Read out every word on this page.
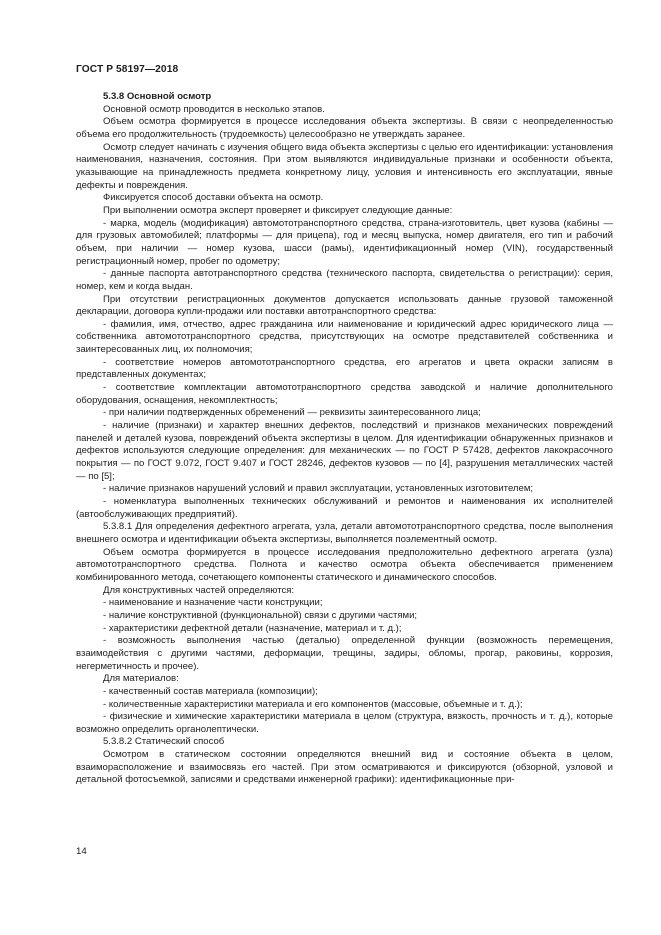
ГОСТ Р 58197—2018

5.3.8 Основной осмотр

Основной осмотр проводится в несколько этапов.

Объем осмотра формируется в процессе исследования объекта экспертизы. В связи с неопределенностью объема его продолжительность (трудоемкость) целесообразно не утверждать заранее.

Осмотр следует начинать с изучения общего вида объекта экспертизы с целью его идентификации: установления наименования, назначения, состояния. При этом выявляются индивидуальные признаки и особенности объекта, указывающие на принадлежность предмета конкретному лицу, условия и интенсивность его эксплуатации, явные дефекты и повреждения.

Фиксируется способ доставки объекта на осмотр.

При выполнении осмотра эксперт проверяет и фиксирует следующие данные:

- марка, модель (модификация) автомототранспортного средства, страна-изготовитель, цвет кузова (кабины — для грузовых автомобилей; платформы — для прицепа), год и месяц выпуска, номер двигателя, его тип и рабочий объем, при наличии — номер кузова, шасси (рамы), идентификационный номер (VIN), государственный регистрационный номер, пробег по одометру;

- данные паспорта автотранспортного средства (технического паспорта, свидетельства о регистрации): серия, номер, кем и когда выдан.

При отсутствии регистрационных документов допускается использовать данные грузовой таможенной декларации, договора купли-продажи или поставки автотранспортного средства:

- фамилия, имя, отчество, адрес гражданина или наименование и юридический адрес юридического лица — собственника автомототранспортного средства, присутствующих на осмотре представителей собственника и заинтересованных лиц, их полномочия;

- соответствие номеров автомототранспортного средства, его агрегатов и цвета окраски записям в представленных документах;

- соответствие комплектации автомототранспортного средства заводской и наличие дополнительного оборудования, оснащения, некомплектность;

- при наличии подтвержденных обременений — реквизиты заинтересованного лица;

- наличие (признаки) и характер внешних дефектов, последствий и признаков механических повреждений панелей и деталей кузова, повреждений объекта экспертизы в целом. Для идентификации обнаруженных признаков и дефектов используются следующие определения: для механических — по ГОСТ Р 57428, дефектов лакокрасочного покрытия — по ГОСТ 9.072, ГОСТ 9.407 и ГОСТ 28246, дефектов кузовов — по [4], разрушения металлических частей — по [5];

- наличие признаков нарушений условий и правил эксплуатации, установленных изготовителем;

- номенклатура выполненных технических обслуживаний и ремонтов и наименования их исполнителей (автообслуживающих предприятий).

5.3.8.1 Для определения дефектного агрегата, узла, детали автомототранспортного средства, после выполнения внешнего осмотра и идентификации объекта экспертизы, выполняется поэлементный осмотр.

Объем осмотра формируется в процессе исследования предположительно дефектного агрегата (узла) автомототранспортного средства. Полнота и качество осмотра объекта обеспечивается применением комбинированного метода, сочетающего компоненты статического и динамического способов.

Для конструктивных частей определяются:

- наименование и назначение части конструкции;

- наличие конструктивной (функциональной) связи с другими частями;

- характеристики дефектной детали (назначение, материал и т. д.);

- возможность выполнения частью (деталью) определенной функции (возможность перемещения, взаимодействия с другими частями, деформации, трещины, задиры, обломы, прогар, раковины, коррозия, негерметичность и прочее).

Для материалов:

- качественный состав материала (композиции);

- количественные характеристики материала и его компонентов (массовые, объемные и т. д.);

- физические и химические характеристики материала в целом (структура, вязкость, прочность и т. д.), которые возможно определить органолептически.

5.3.8.2 Статический способ

Осмотром в статическом состоянии определяются внешний вид и состояние объекта в целом, взаиморасположение и взаимосвязь его частей. При этом осматриваются и фиксируются (обзорной, узловой и детальной фотосъемкой, записями и средствами инженерной графики): идентификационные при-

14
